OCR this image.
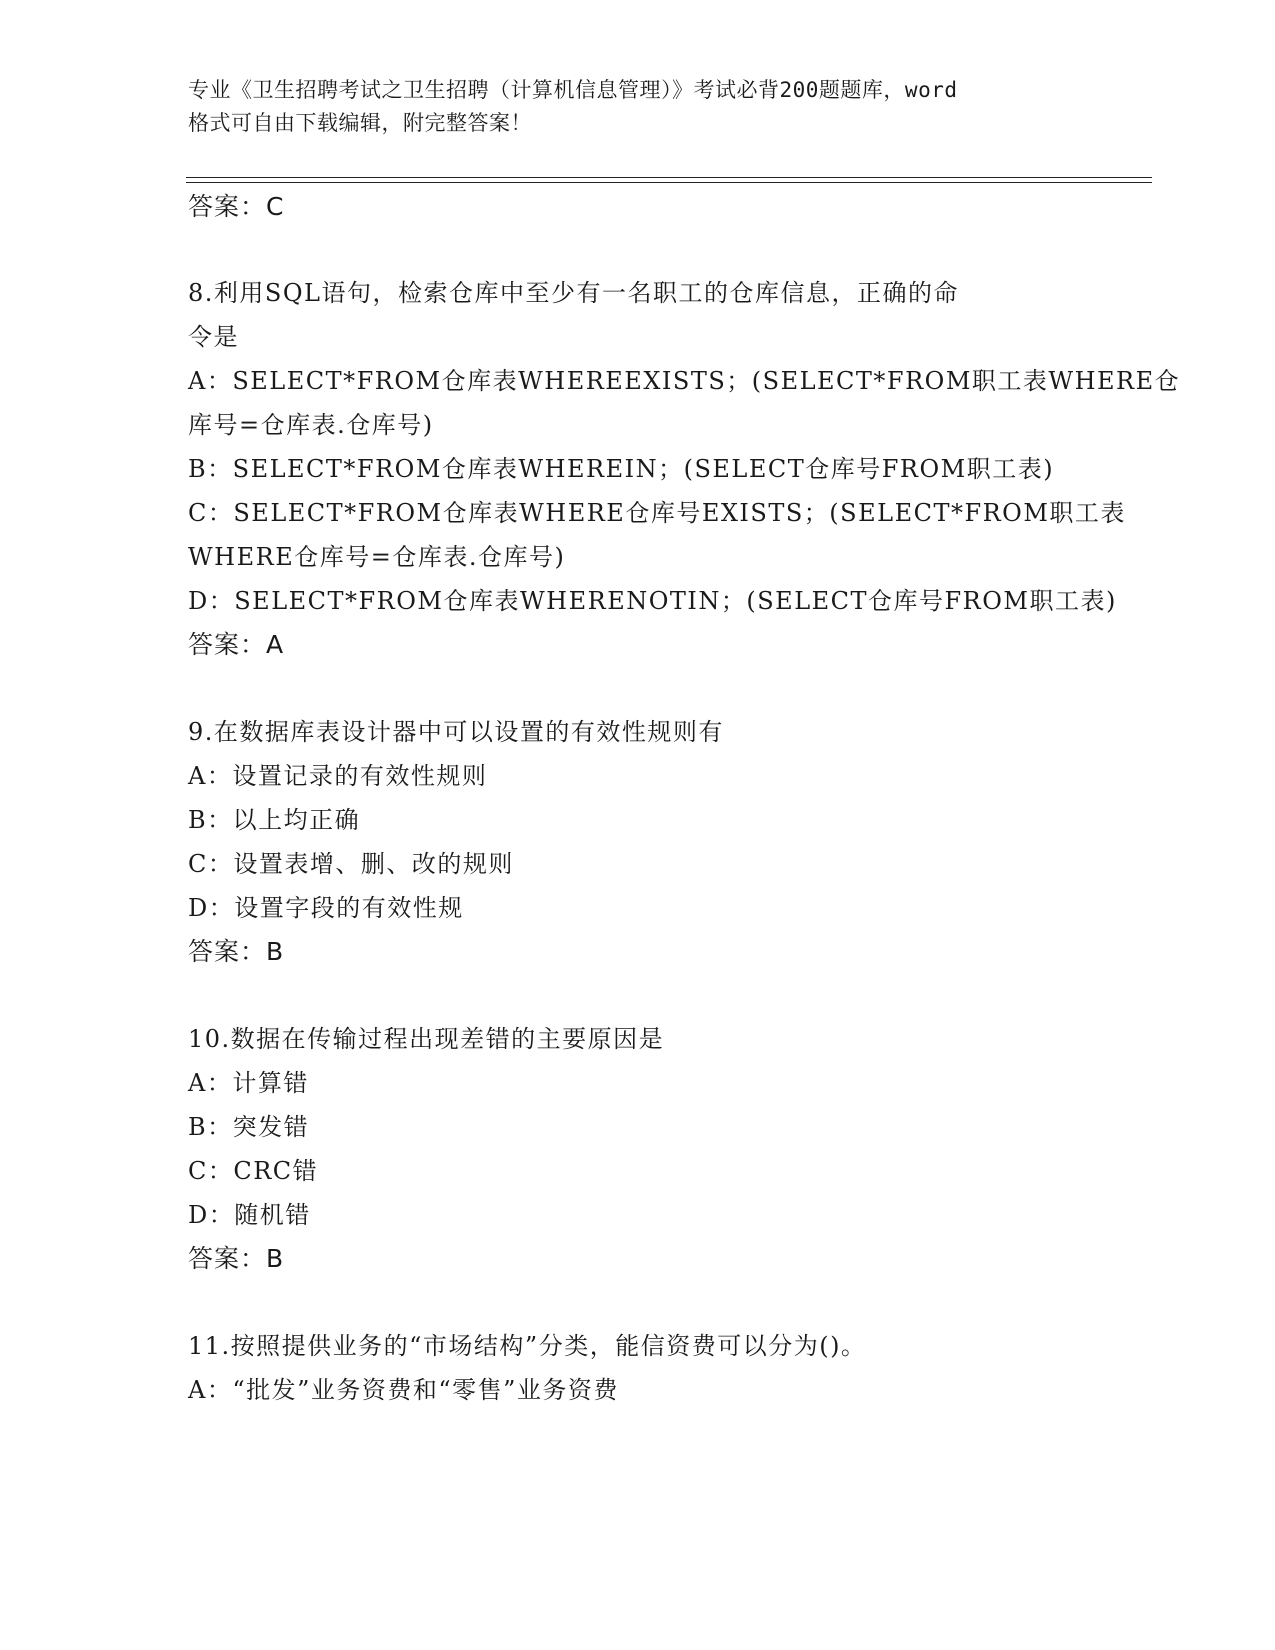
专业《卫生招聘考试之卫生招聘（计算机信息管理）》考试必背200题题库，word
格式可自由下载编辑，附完整答案！
答案：C
8.利用SQL语句，检索仓库中至少有一名职工的仓库信息，正确的命
令是
A：SELECT*FROM仓库表WHEREEXISTS；(SELECT*FROM职工表WHERE仓
库号=仓库表.仓库号)
B：SELECT*FROM仓库表WHEREIN；(SELECT仓库号FROM职工表)
C：SELECT*FROM仓库表WHERE仓库号EXISTS；(SELECT*FROM职工表
WHERE仓库号=仓库表.仓库号)
D：SELECT*FROM仓库表WHERENOTIN；(SELECT仓库号FROM职工表)
答案：A
9.在数据库表设计器中可以设置的有效性规则有
A：设置记录的有效性规则
B：以上均正确
C：设置表增、删、改的规则
D：设置字段的有效性规
答案：B
10.数据在传输过程出现差错的主要原因是
A：计算错
B：突发错
C：CRC错
D：随机错
答案：B
11.按照提供业务的“市场结构”分类，能信资费可以分为()。
A：“批发”业务资费和“零售”业务资费
